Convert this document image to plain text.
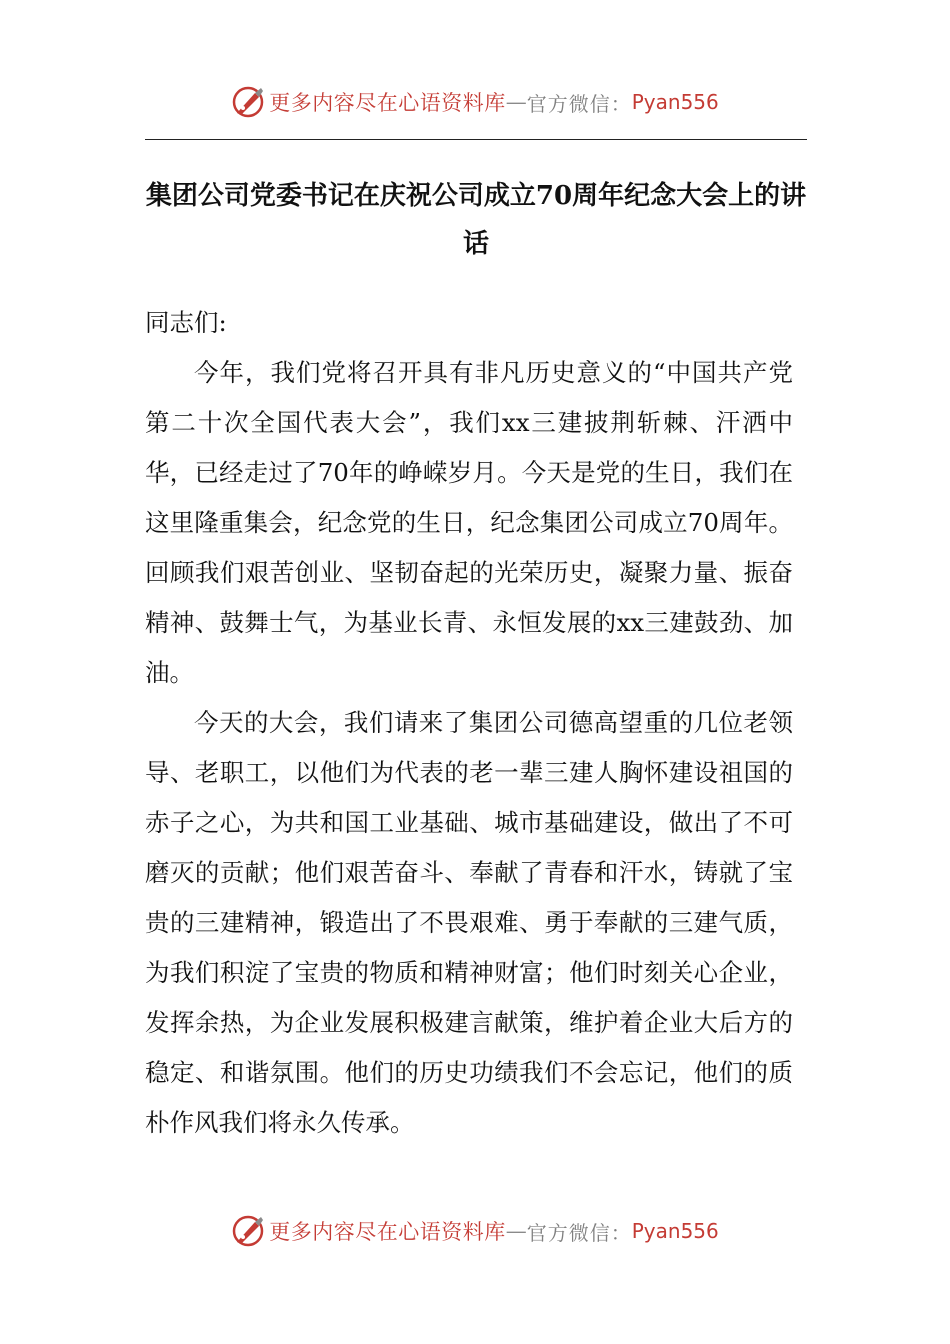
更多内容尽在心语资料库 — 官方微信： Pyan556
集团公司党委书记在庆祝公司成立70周年纪念大会上的讲话

同志们:

今年，我们党将召开具有非凡历史意义的“中国共产党第二十次全国代表大会”，我们xx三建披荆斩棘、汗洒中华，已经走过了70年的峥嵘岁月。今天是党的生日，我们在这里隆重集会，纪念党的生日，纪念集团公司成立70周年。回顾我们艰苦创业、坚韧奋起的光荣历史，凝聚力量、振奋精神、鼓舞士气，为基业长青、永恒发展的xx三建鼓劲、加油。

今天的大会，我们请来了集团公司德高望重的几位老领导、老职工，以他们为代表的老一辈三建人胸怀建设祖国的赤子之心，为共和国工业基础、城市基础建设，做出了不可磨灭的贡献；他们艰苦奋斗、奉献了青春和汗水，铸就了宝贵的三建精神，锻造出了不畏艰难、勇于奉献的三建气质，为我们积淀了宝贵的物质和精神财富；他们时刻关心企业，发挥余热，为企业发展积极建言献策，维护着企业大后方的稳定、和谐氛围。他们的历史功绩我们不会忘记，他们的质朴作风我们将永久传承。

更多内容尽在心语资料库 — 官方微信： Pyan556
